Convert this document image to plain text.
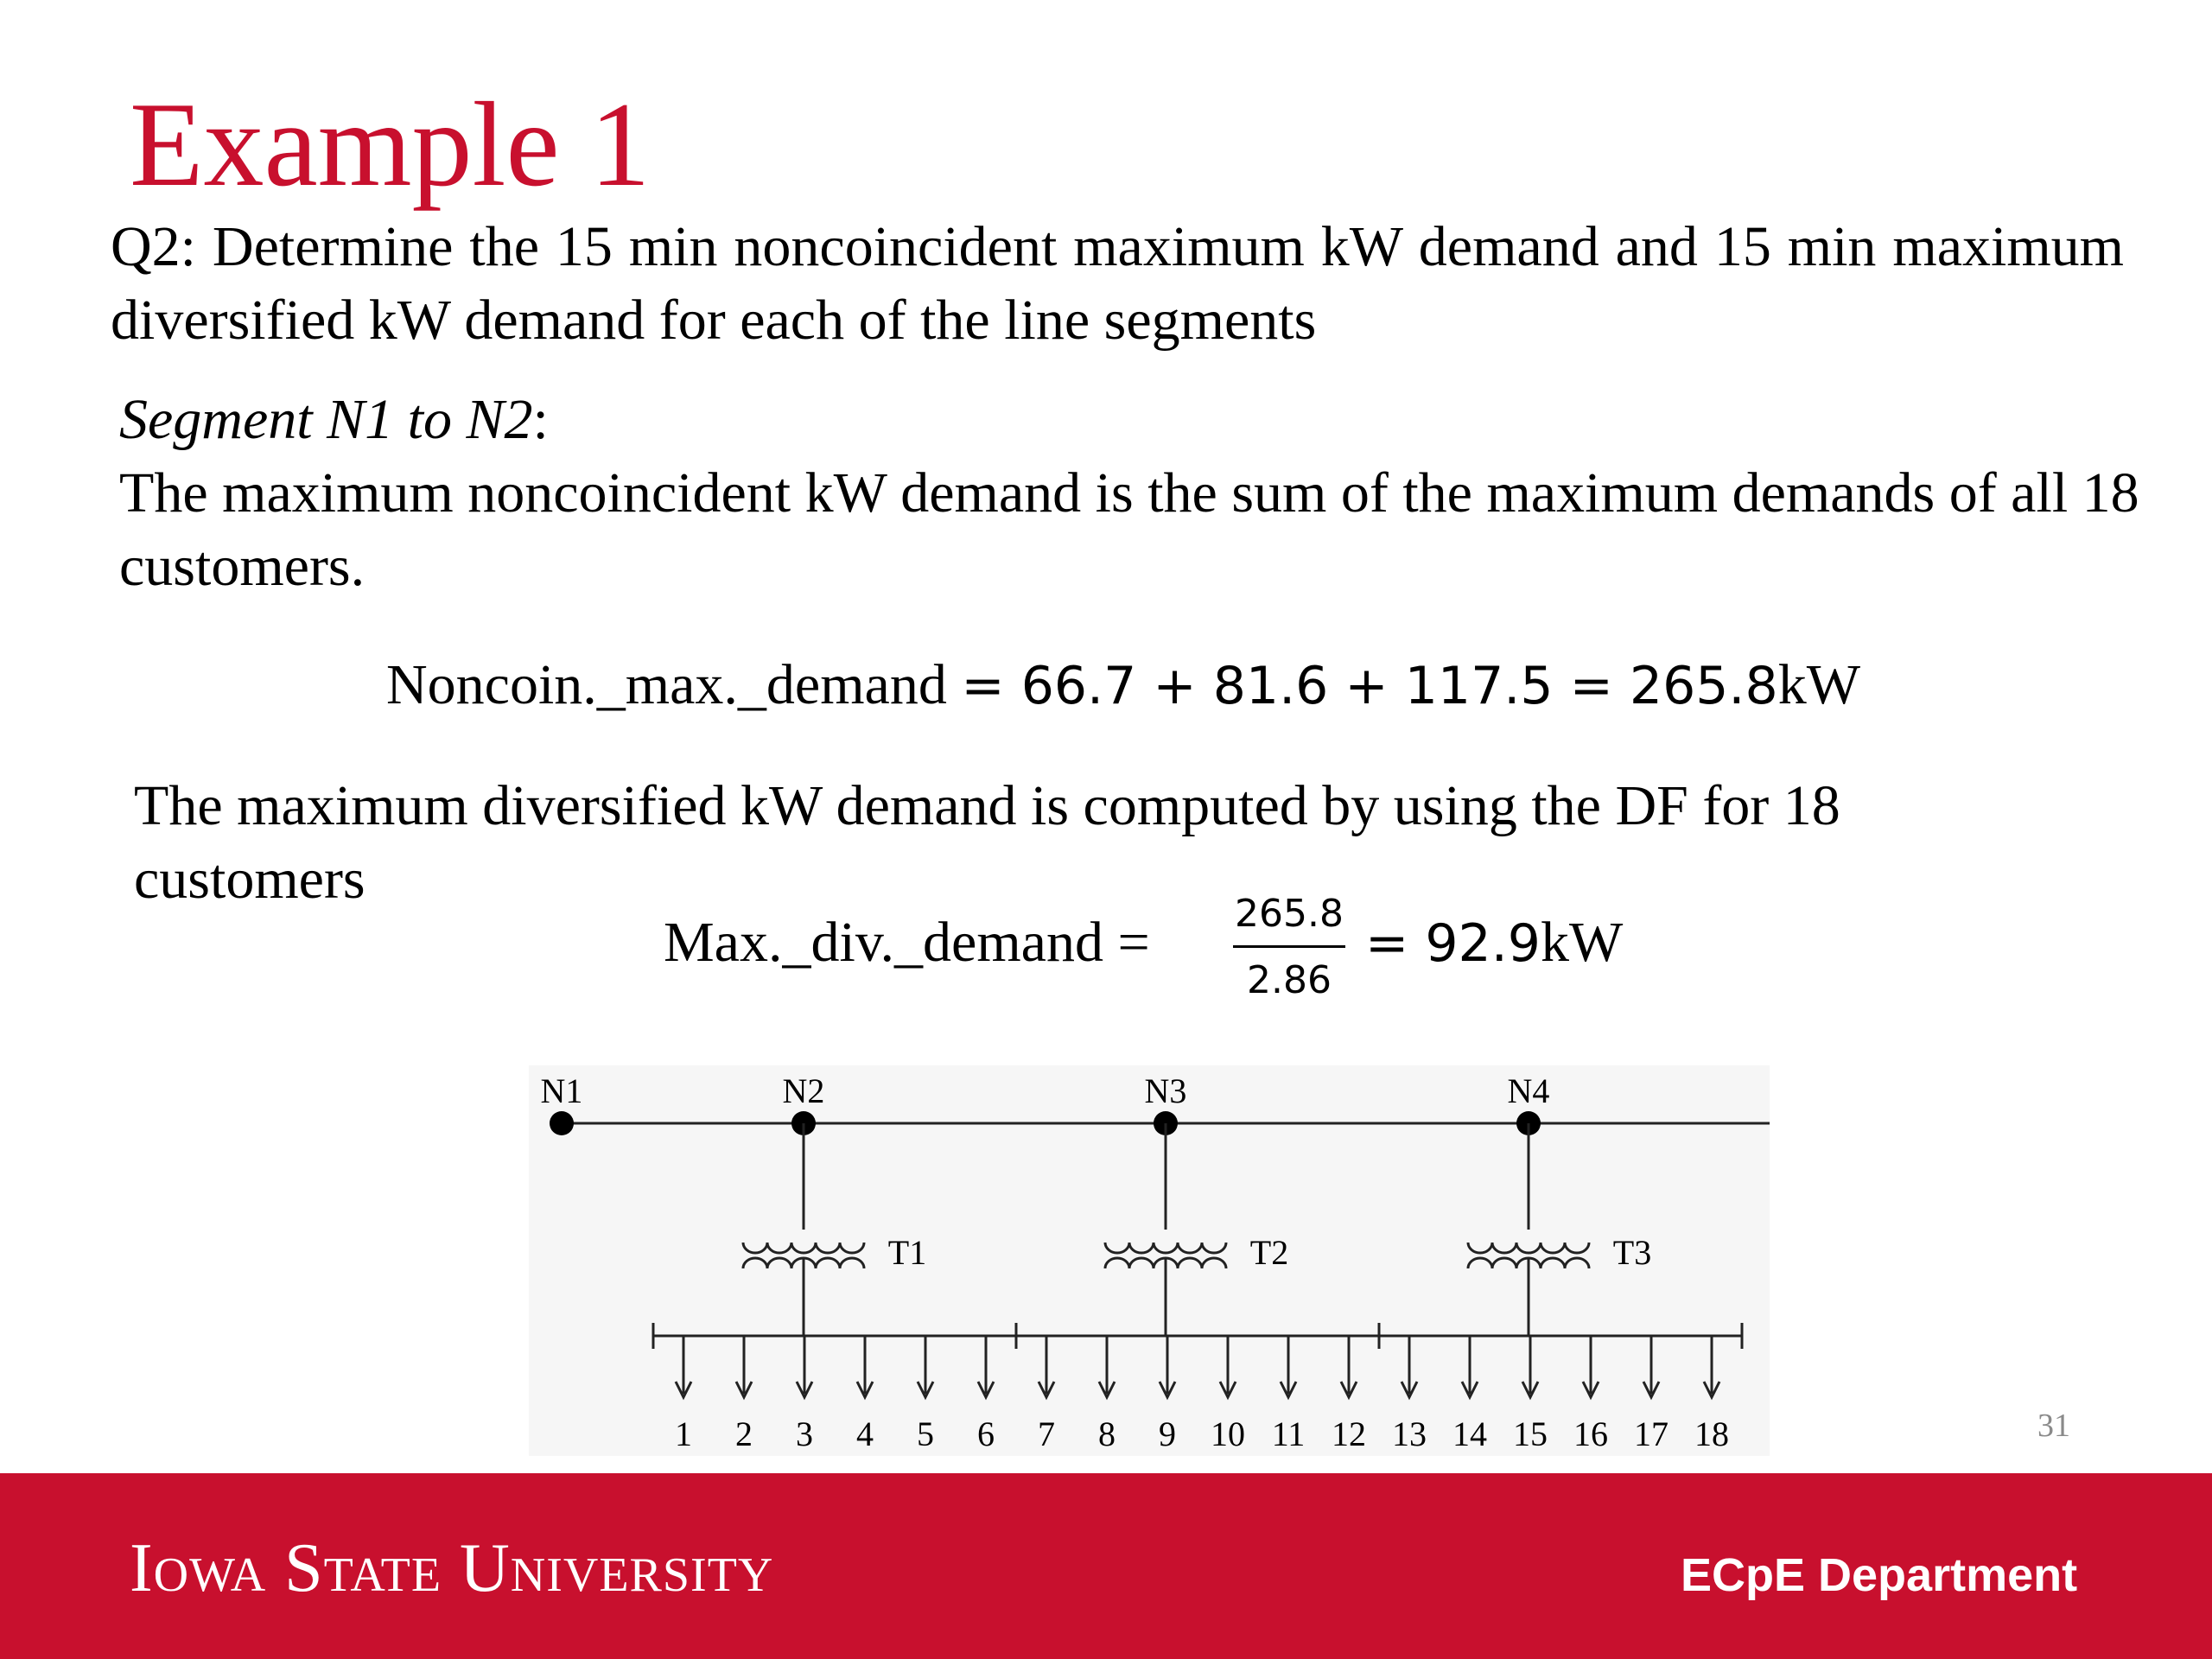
Example 1
Q2: Determine the 15 min noncoincident maximum kW demand and 15 min maximum diversified kW demand for each of the line segments
Segment N1 to N2:
The maximum noncoincident kW demand is the sum of the maximum demands of all 18 customers.
Noncoin._max._demand = 66.7 + 81.6 + 117.5 = 265.8kW
The maximum diversified kW demand is computed by using the DF for 18 customers
Max._div._demand = $\frac{265.8}{2.86} = 92.9kW$
N1	N2	N3	N4
T1	T2	T3
1 2 3 4 5 6 7 8 9 10 11 12 13 14 15 16 17 18	31
Iowa State University	ECpE Department
